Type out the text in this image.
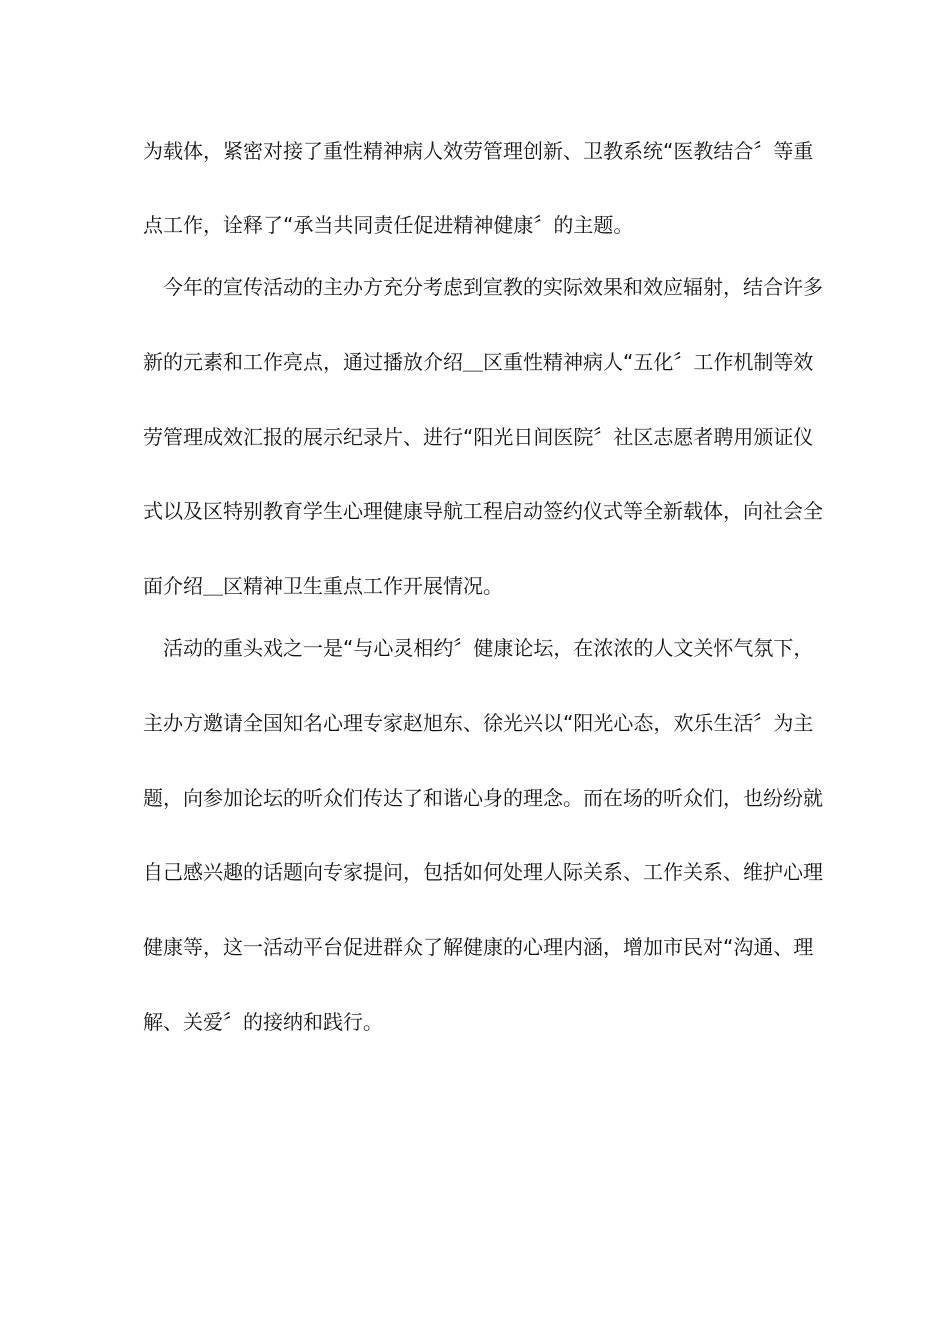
为载体，紧密对接了重性精神病人效劳管理创新、卫教系统“医教结合〞等重
点工作，诠释了“承当共同责任促进精神健康〞的主题。
今年的宣传活动的主办方充分考虑到宣教的实际效果和效应辐射，结合许多
新的元素和工作亮点，通过播放介绍＿区重性精神病人“五化〞工作机制等效
劳管理成效汇报的展示纪录片、进行“阳光日间医院〞社区志愿者聘用颁证仪
式以及区特别教育学生心理健康导航工程启动签约仪式等全新载体，向社会全
面介绍＿区精神卫生重点工作开展情况。
活动的重头戏之一是“与心灵相约〞健康论坛，在浓浓的人文关怀气氛下，
主办方邀请全国知名心理专家赵旭东、徐光兴以“阳光心态，欢乐生活〞为主
题，向参加论坛的听众们传达了和谐心身的理念。而在场的听众们，也纷纷就
自己感兴趣的话题向专家提问，包括如何处理人际关系、工作关系、维护心理
健康等，这一活动平台促进群众了解健康的心理内涵，增加市民对“沟通、理
解、关爱〞的接纳和践行。
